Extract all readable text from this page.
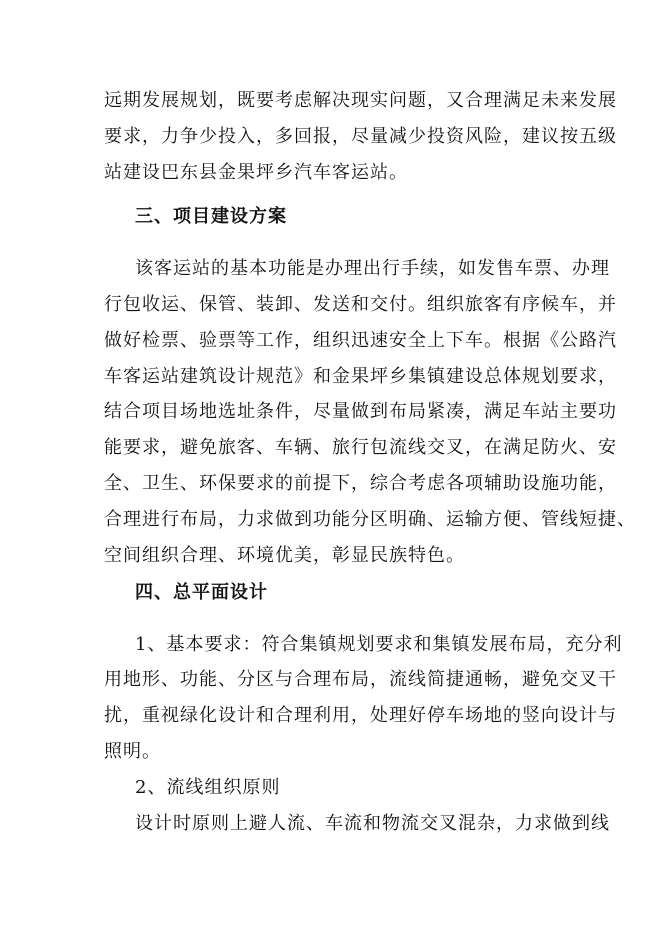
远期发展规划，既要考虑解决现实问题，又合理满足未来发展
要求，力争少投入，多回报，尽量减少投资风险，建议按五级
站建设巴东县金果坪乡汽车客运站。
三、项目建设方案
该客运站的基本功能是办理出行手续，如发售车票、办理
行包收运、保管、装卸、发送和交付。组织旅客有序候车，并
做好检票、验票等工作，组织迅速安全上下车。根据《公路汽
车客运站建筑设计规范》和金果坪乡集镇建设总体规划要求，
结合项目场地选址条件，尽量做到布局紧凑，满足车站主要功
能要求，避免旅客、车辆、旅行包流线交叉，在满足防火、安
全、卫生、环保要求的前提下，综合考虑各项辅助设施功能，
合理进行布局，力求做到功能分区明确、运输方便、管线短捷、
空间组织合理、环境优美，彰显民族特色。
四、总平面设计
1、基本要求：符合集镇规划要求和集镇发展布局，充分利
用地形、功能、分区与合理布局，流线简捷通畅，避免交叉干
扰，重视绿化设计和合理利用，处理好停车场地的竖向设计与
照明。
2、流线组织原则
设计时原则上避人流、车流和物流交叉混杂，力求做到线
